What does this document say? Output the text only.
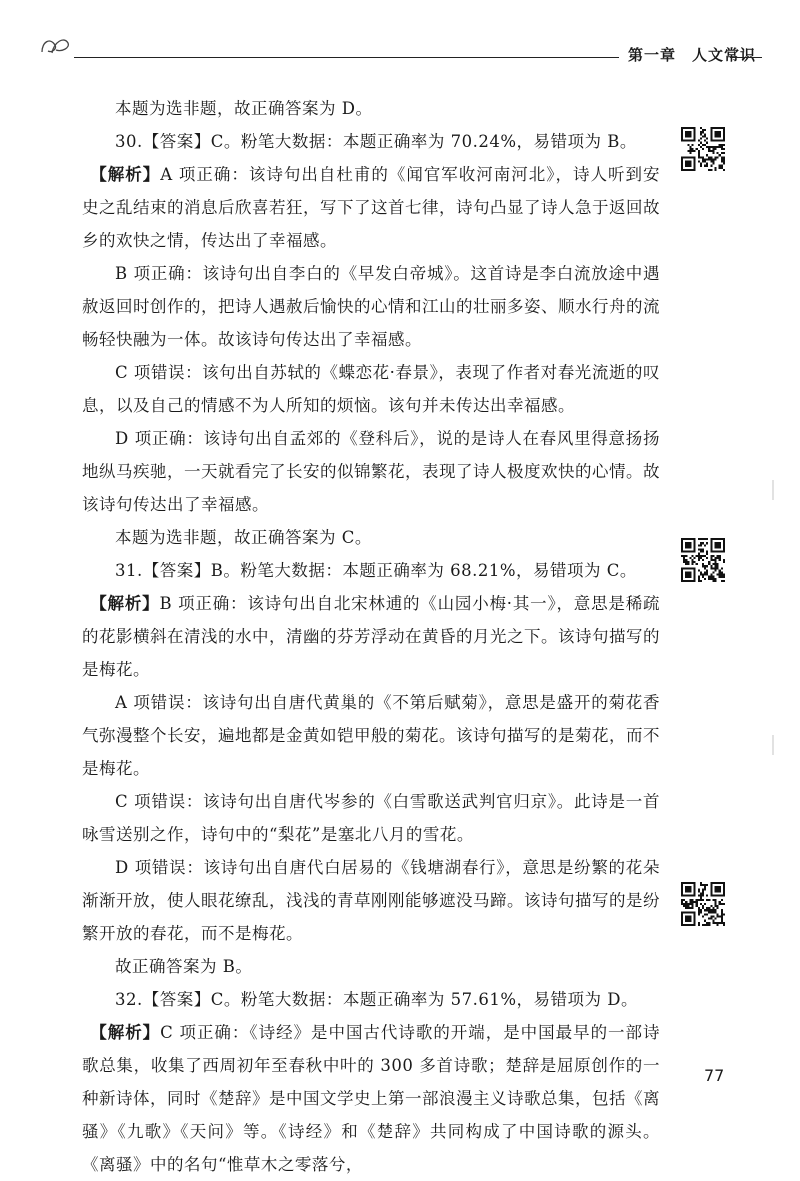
第一章　人文常识

本题为选非题，故正确答案为 D。

30.【答案】C。粉笔大数据：本题正确率为 70.24%，易错项为 B。

【解析】A 项正确：该诗句出自杜甫的《闻官军收河南河北》，诗人听到安史之乱结束的消息后欣喜若狂，写下了这首七律，诗句凸显了诗人急于返回故乡的欢快之情，传达出了幸福感。

B 项正确：该诗句出自李白的《早发白帝城》。这首诗是李白流放途中遇赦返回时创作的，把诗人遇赦后愉快的心情和江山的壮丽多姿、顺水行舟的流畅轻快融为一体。故该诗句传达出了幸福感。

C 项错误：该句出自苏轼的《蝶恋花·春景》，表现了作者对春光流逝的叹息，以及自己的情感不为人所知的烦恼。该句并未传达出幸福感。

D 项正确：该诗句出自孟郊的《登科后》，说的是诗人在春风里得意扬扬地纵马疾驰，一天就看完了长安的似锦繁花，表现了诗人极度欢快的心情。故该诗句传达出了幸福感。

本题为选非题，故正确答案为 C。

31.【答案】B。粉笔大数据：本题正确率为 68.21%，易错项为 C。

【解析】B 项正确：该诗句出自北宋林逋的《山园小梅·其一》，意思是稀疏的花影横斜在清浅的水中，清幽的芬芳浮动在黄昏的月光之下。该诗句描写的是梅花。

A 项错误：该诗句出自唐代黄巢的《不第后赋菊》，意思是盛开的菊花香气弥漫整个长安，遍地都是金黄如铠甲般的菊花。该诗句描写的是菊花，而不是梅花。

C 项错误：该诗句出自唐代岑参的《白雪歌送武判官归京》。此诗是一首咏雪送别之作，诗句中的“梨花”是塞北八月的雪花。

D 项错误：该诗句出自唐代白居易的《钱塘湖春行》，意思是纷繁的花朵渐渐开放，使人眼花缭乱，浅浅的青草刚刚能够遮没马蹄。该诗句描写的是纷繁开放的春花，而不是梅花。

故正确答案为 B。

32.【答案】C。粉笔大数据：本题正确率为 57.61%，易错项为 D。

【解析】C 项正确：《诗经》是中国古代诗歌的开端，是中国最早的一部诗歌总集，收集了西周初年至春秋中叶的 300 多首诗歌；楚辞是屈原创作的一种新诗体，同时《楚辞》是中国文学史上第一部浪漫主义诗歌总集，包括《离骚》《九歌》《天问》等。《诗经》和《楚辞》共同构成了中国诗歌的源头。《离骚》中的名句“惟草木之零落兮，

77
